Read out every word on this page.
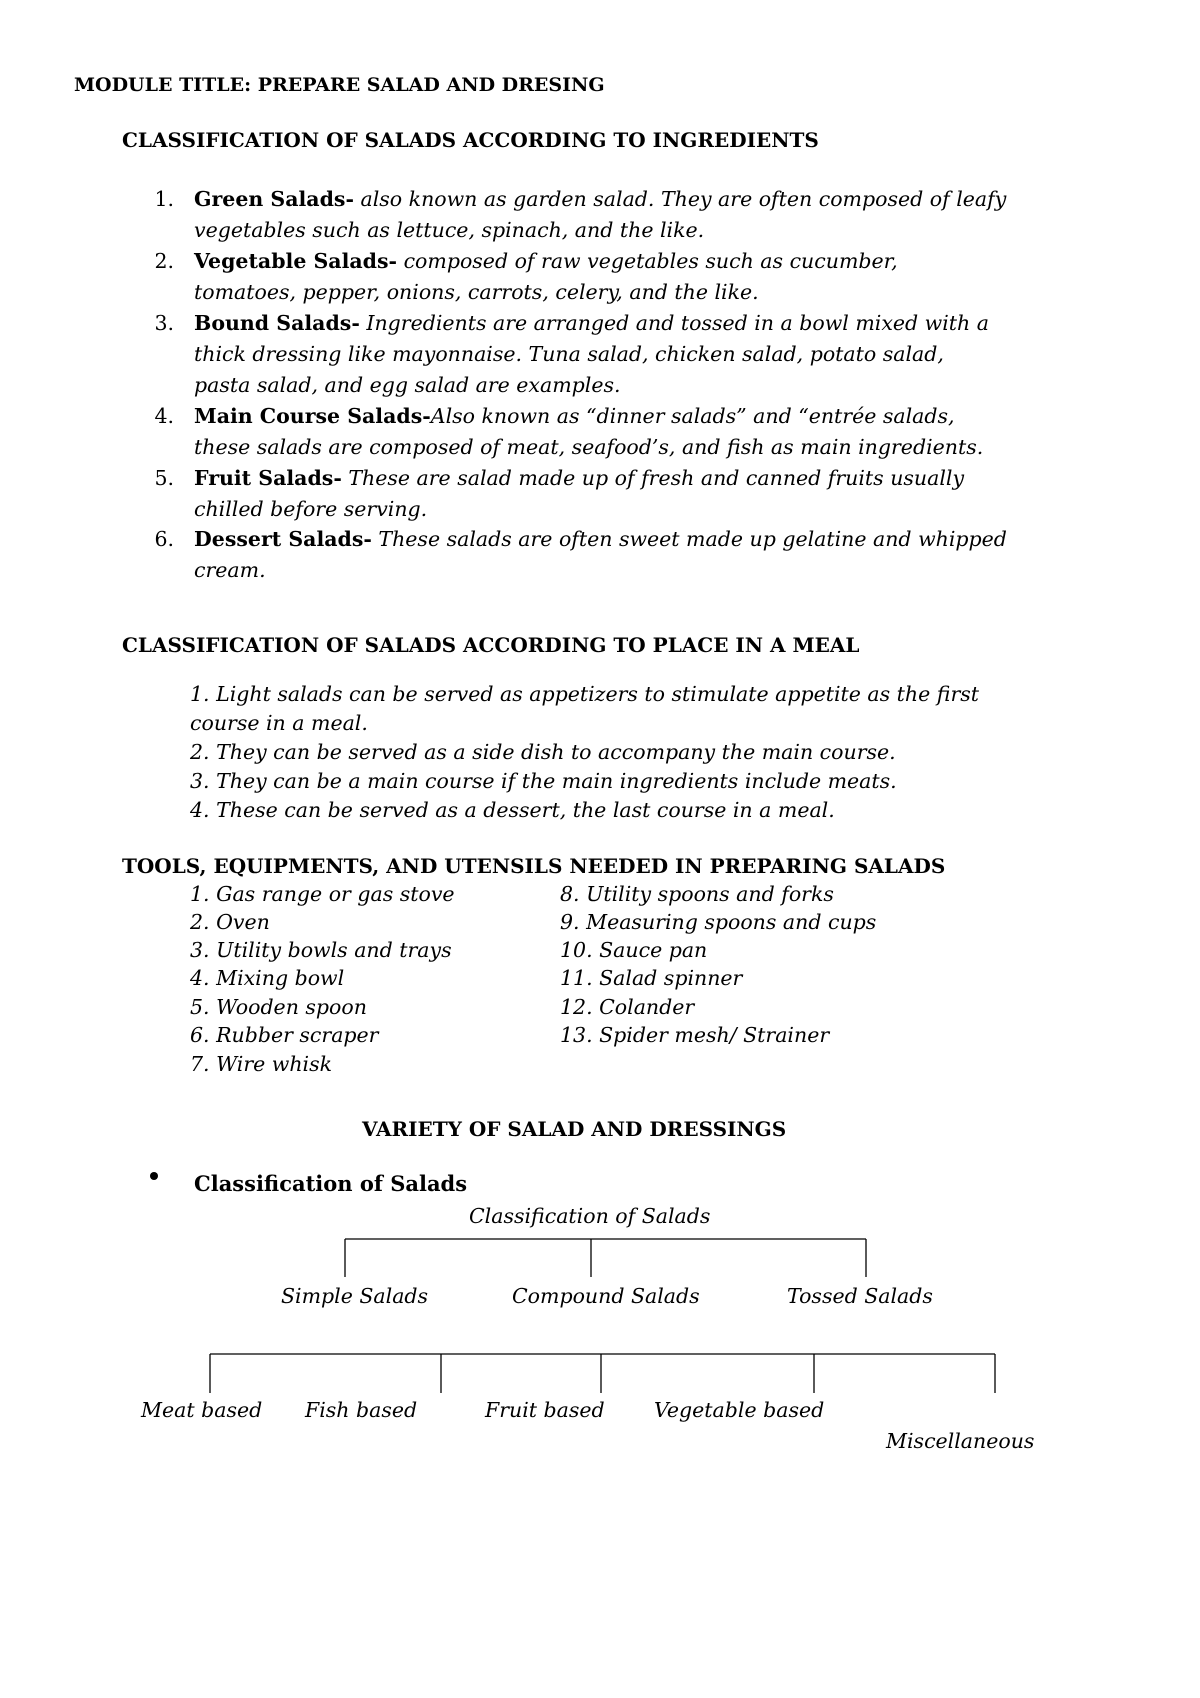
MODULE TITLE: PREPARE SALAD AND DRESING
CLASSIFICATION OF SALADS ACCORDING TO INGREDIENTS
1. Green Salads- also known as garden salad. They are often composed of leafy
vegetables such as lettuce, spinach, and the like.
2. Vegetable Salads- composed of raw vegetables such as cucumber,
tomatoes, pepper, onions, carrots, celery, and the like.
3. Bound Salads- Ingredients are arranged and tossed in a bowl mixed with a
thick dressing like mayonnaise. Tuna salad, chicken salad, potato salad,
pasta salad, and egg salad are examples.
4. Main Course Salads-Also known as “dinner salads” and “entrée salads,
these salads are composed of meat, seafood’s, and fish as main ingredients.
5. Fruit Salads- These are salad made up of fresh and canned fruits usually
chilled before serving.
6. Dessert Salads- These salads are often sweet made up gelatine and whipped
cream.
CLASSIFICATION OF SALADS ACCORDING TO PLACE IN A MEAL
1. Light salads can be served as appetizers to stimulate appetite as the first
course in a meal.
2. They can be served as a side dish to accompany the main course.
3. They can be a main course if the main ingredients include meats.
4. These can be served as a dessert, the last course in a meal.
TOOLS, EQUIPMENTS, AND UTENSILS NEEDED IN PREPARING SALADS
1. Gas range or gas stove
2. Oven
3. Utility bowls and trays
4. Mixing bowl
5. Wooden spoon
6. Rubber scraper
7. Wire whisk
8. Utility spoons and forks
9. Measuring spoons and cups
10. Sauce pan
11. Salad spinner
12. Colander
13. Spider mesh/ Strainer
VARIETY OF SALAD AND DRESSINGS
Classification of Salads
Classification of Salads
Simple Salads	Compound Salads	Tossed Salads
Meat based Fish based	Fruit based Vegetable based
Miscellaneous
